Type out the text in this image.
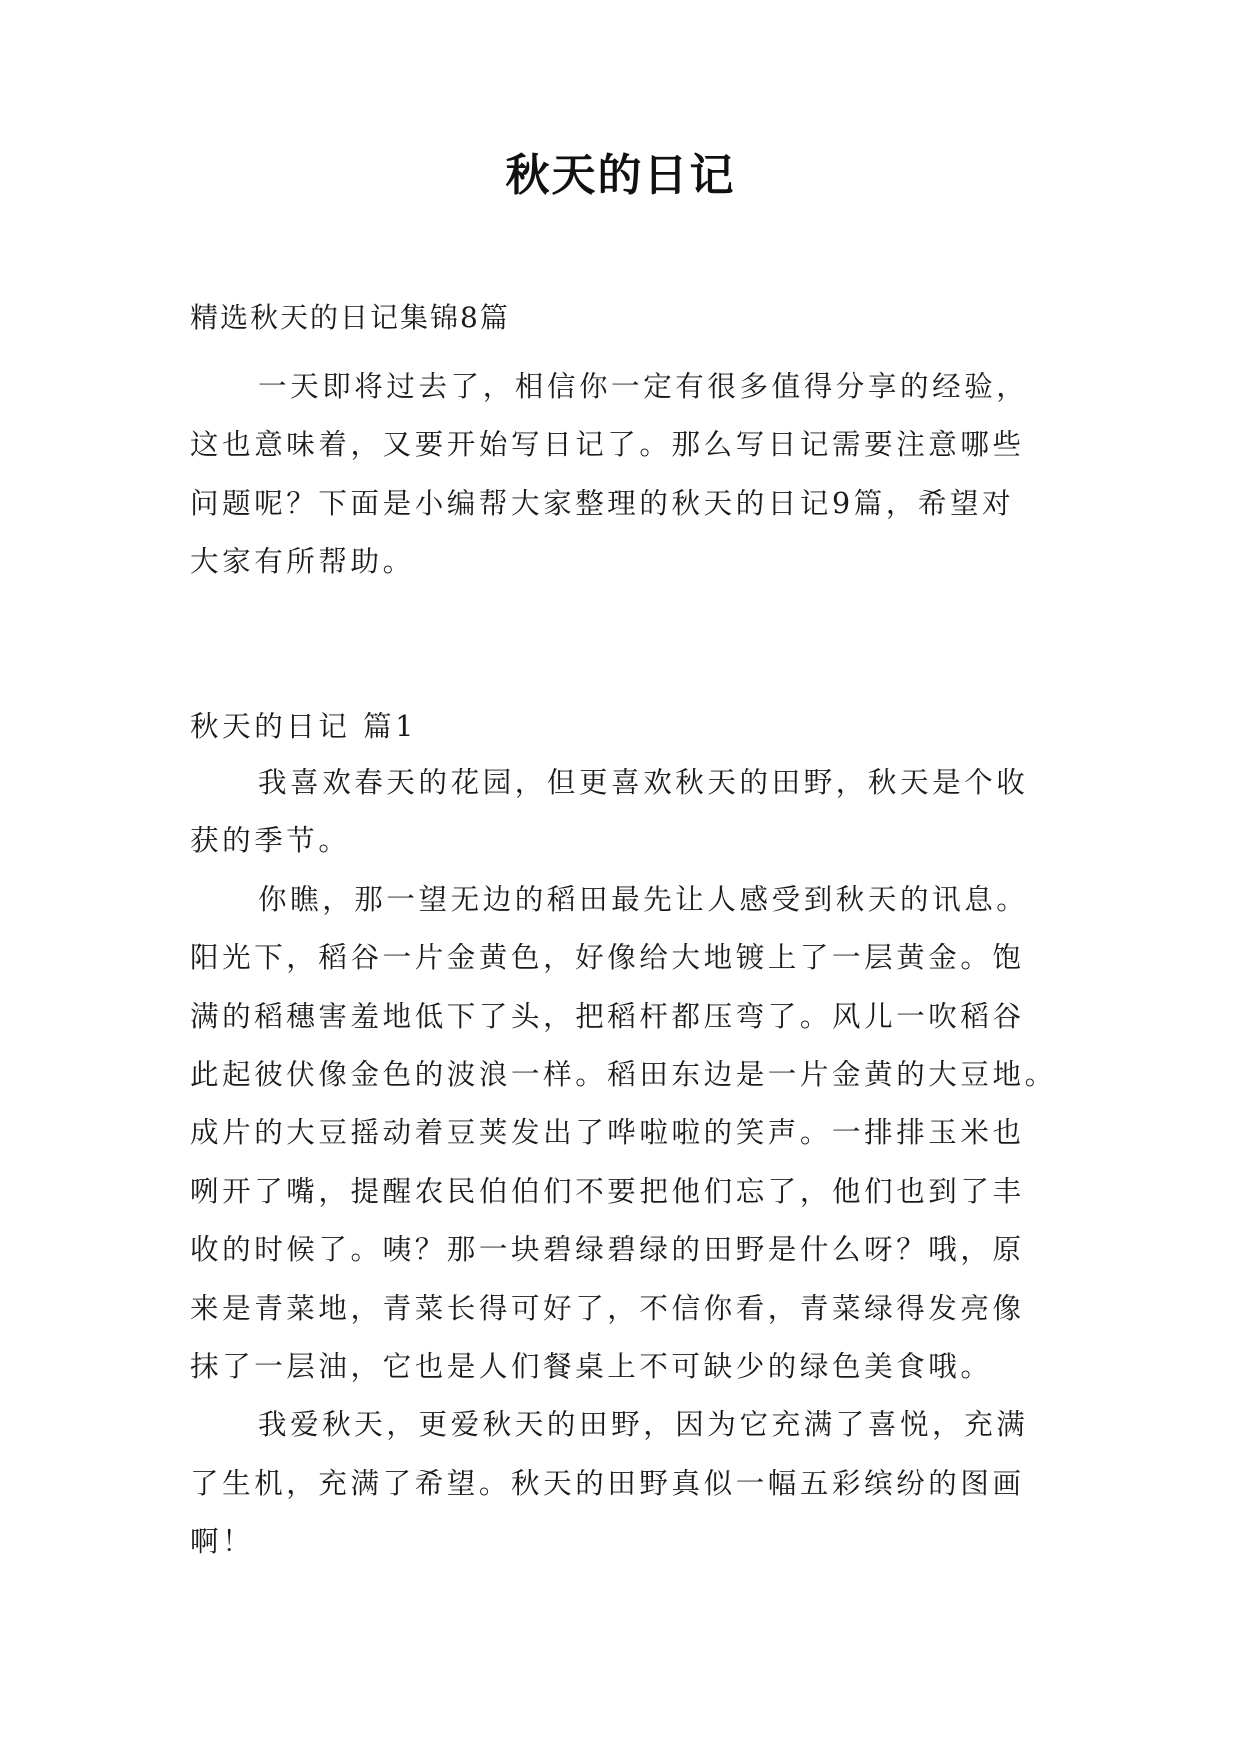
秋天的日记
精选秋天的日记集锦8篇
一天即将过去了，相信你一定有很多值得分享的经验，
这也意味着，又要开始写日记了。那么写日记需要注意哪些
问题呢？下面是小编帮大家整理的秋天的日记9篇，希望对
大家有所帮助。
秋天的日记 篇1
我喜欢春天的花园，但更喜欢秋天的田野，秋天是个收
获的季节。
你瞧，那一望无边的稻田最先让人感受到秋天的讯息。
阳光下，稻谷一片金黄色，好像给大地镀上了一层黄金。饱
满的稻穗害羞地低下了头，把稻杆都压弯了。风儿一吹稻谷
此起彼伏像金色的波浪一样。稻田东边是一片金黄的大豆地。
成片的大豆摇动着豆荚发出了哗啦啦的笑声。一排排玉米也
咧开了嘴，提醒农民伯伯们不要把他们忘了，他们也到了丰
收的时候了。咦？那一块碧绿碧绿的田野是什么呀？哦，原
来是青菜地，青菜长得可好了，不信你看，青菜绿得发亮像
抹了一层油，它也是人们餐桌上不可缺少的绿色美食哦。
我爱秋天，更爱秋天的田野，因为它充满了喜悦，充满
了生机，充满了希望。秋天的田野真似一幅五彩缤纷的图画
啊！
